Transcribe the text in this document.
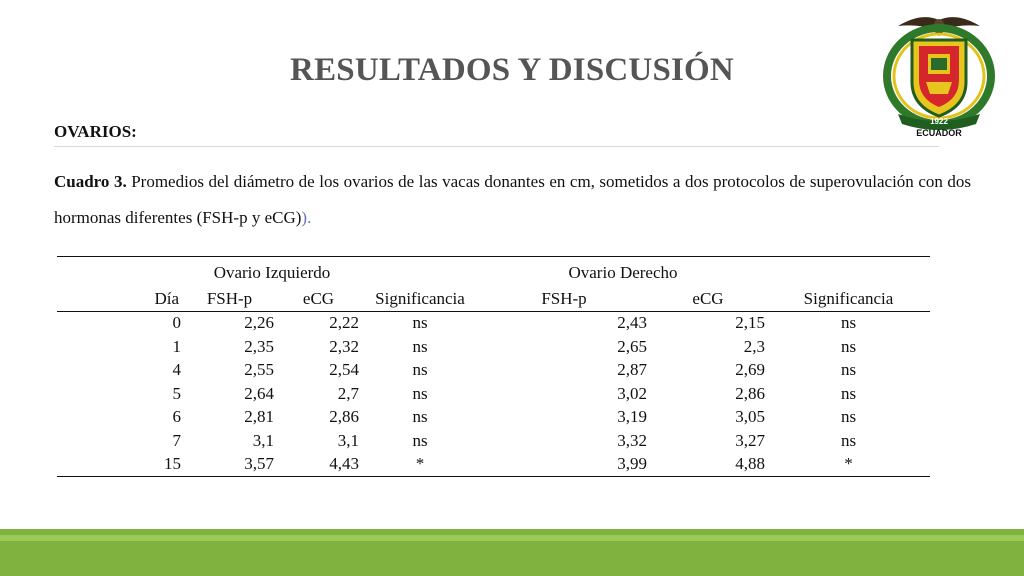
RESULTADOS Y DISCUSIÓN
1922
ECUADOR
OVARIOS:
Cuadro 3. Promedios del diámetro de los ovarios de las vacas donantes en cm, sometidos a dos protocolos de superovulación con dos hormonas diferentes (FSH-p y eCG)).
	Ovario Izquierdo			Ovario Derecho		
Día	FSH-p	eCG	Significancia	FSH-p	eCG	Significancia
0	2,26	2,22	ns	2,43	2,15	ns
1	2,35	2,32	ns	2,65	2,3	ns
4	2,55	2,54	ns	2,87	2,69	ns
5	2,64	2,7	ns	3,02	2,86	ns
6	2,81	2,86	ns	3,19	3,05	ns
7	3,1	3,1	ns	3,32	3,27	ns
15	3,57	4,43	*	3,99	4,88	*
